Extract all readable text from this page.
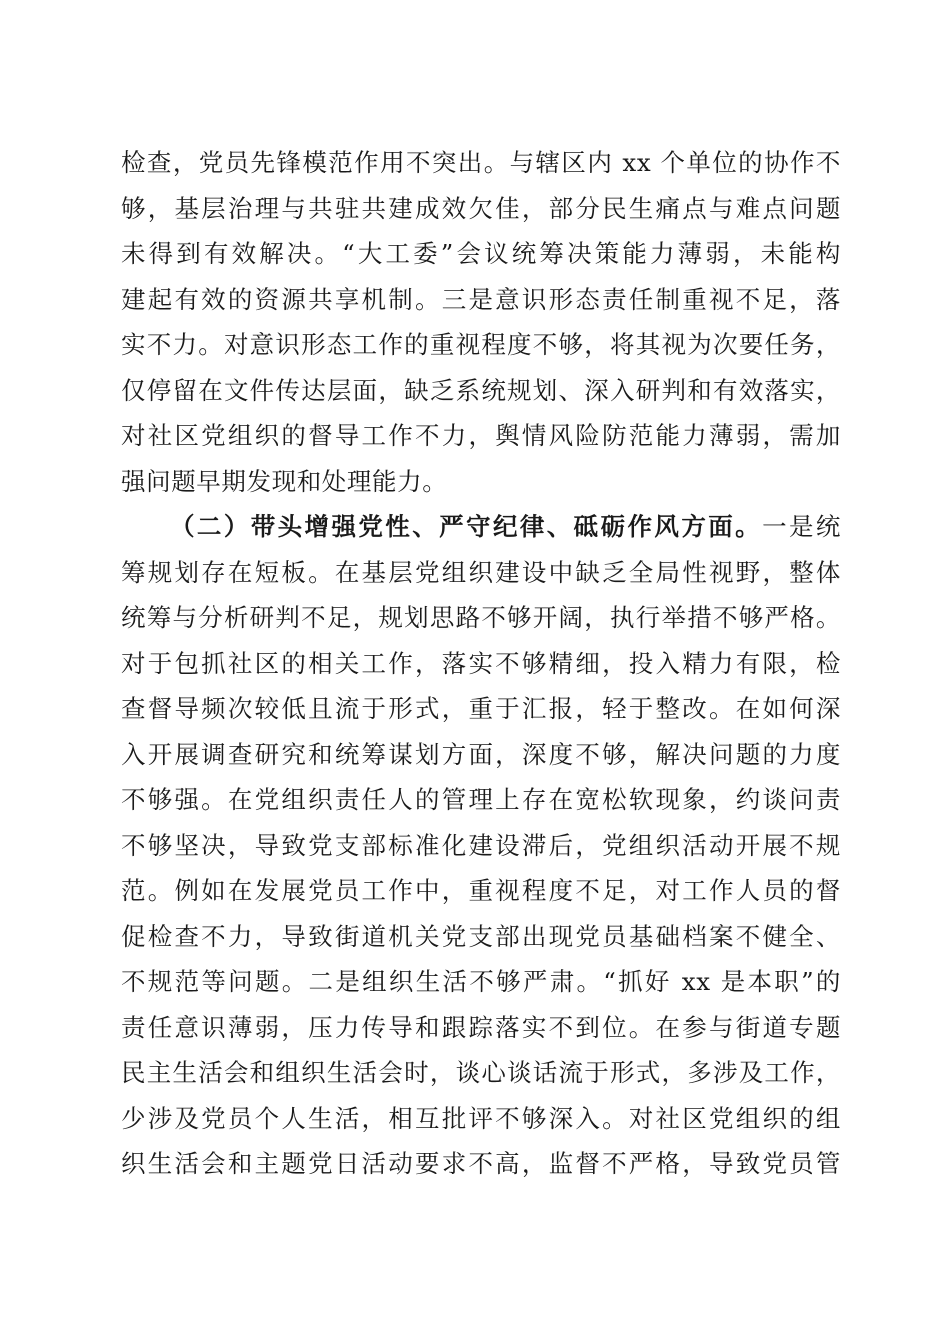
检查，党员先锋模范作用不突出。与辖区内 xx 个单位的协作不
够，基层治理与共驻共建成效欠佳，部分民生痛点与难点问题
未得到有效解决。“大工委”会议统筹决策能力薄弱，未能构
建起有效的资源共享机制。三是意识形态责任制重视不足，落
实不力。对意识形态工作的重视程度不够，将其视为次要任务，
仅停留在文件传达层面，缺乏系统规划、深入研判和有效落实，
对社区党组织的督导工作不力，舆情风险防范能力薄弱，需加
强问题早期发现和处理能力。
（二）带头增强党性、严守纪律、砥砺作风方面。一是统
筹规划存在短板。在基层党组织建设中缺乏全局性视野，整体
统筹与分析研判不足，规划思路不够开阔，执行举措不够严格。
对于包抓社区的相关工作，落实不够精细，投入精力有限，检
查督导频次较低且流于形式，重于汇报，轻于整改。在如何深
入开展调查研究和统筹谋划方面，深度不够，解决问题的力度
不够强。在党组织责任人的管理上存在宽松软现象，约谈问责
不够坚决，导致党支部标准化建设滞后，党组织活动开展不规
范。例如在发展党员工作中，重视程度不足，对工作人员的督
促检查不力，导致街道机关党支部出现党员基础档案不健全、
不规范等问题。二是组织生活不够严肃。“抓好 xx 是本职”的
责任意识薄弱，压力传导和跟踪落实不到位。在参与街道专题
民主生活会和组织生活会时，谈心谈话流于形式，多涉及工作，
少涉及党员个人生活，相互批评不够深入。对社区党组织的组
织生活会和主题党日活动要求不高，监督不严格，导致党员管
